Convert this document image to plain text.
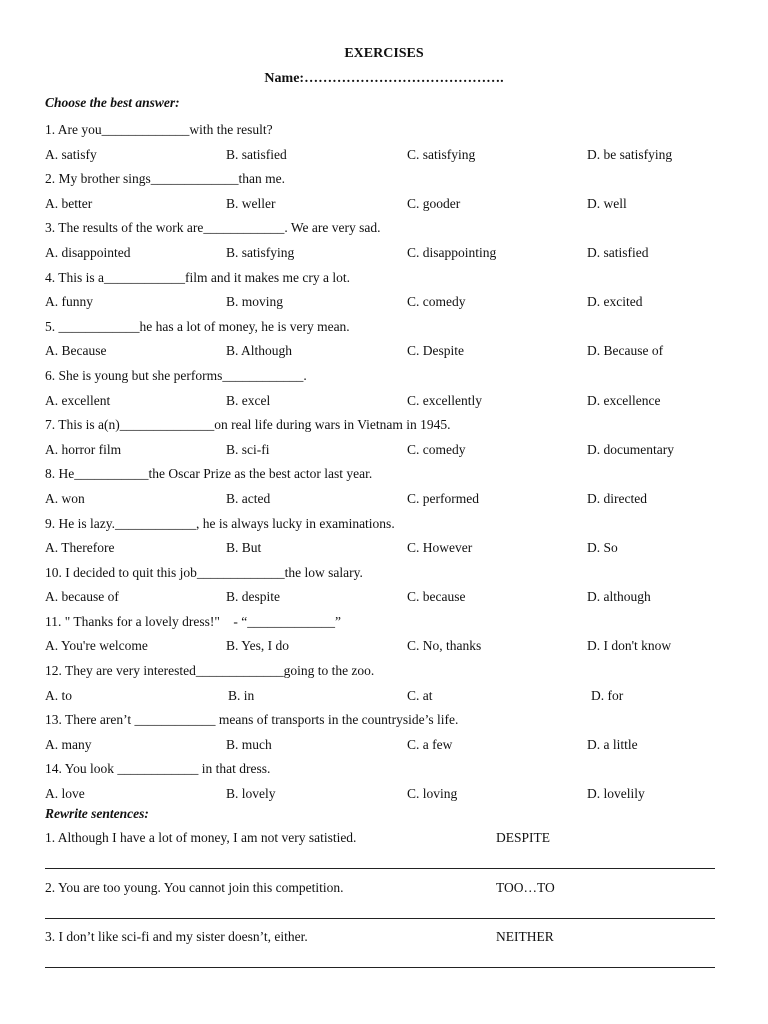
EXERCISES
Name:…………………………………….
Choose the best answer:
1. Are you_____________with the result?
A. satisfy	B. satisfied	C. satisfying	D. be satisfying
2. My brother sings_____________than me.
A. better	B. weller	C. gooder	D. well
3. The results of the work are____________. We are very sad.
A. disappointed	B. satisfying	C. disappointing	D. satisfied
4. This is a____________film and it makes me cry a lot.
A. funny	B. moving	C. comedy	D. excited
5. ____________he has a lot of money, he is very mean.
A. Because	B. Although	C. Despite	D. Because of
6. She is young but she performs____________.
A. excellent	B. excel	C. excellently	D. excellence
7. This is a(n)______________on real life during wars in Vietnam in 1945.
A. horror film	B. sci-fi	C. comedy	D. documentary
8. He___________the Oscar Prize as the best actor last year.
A. won	B. acted	C. performed	D. directed
9. He is lazy.____________, he is always lucky in examinations.
A. Therefore	B. But	C. However	D. So
10. I decided to quit this job_____________the low salary.
A. because of	B. despite	C. because	D. although
11. " Thanks for a lovely dress!"    - “_____________”
A. You're welcome	B. Yes, I do	C. No, thanks	D. I don't know
12. They are very interested_____________going to the zoo.
A. to	B. in	C. at	D. for
13. There aren’t ____________ means of transports in the countryside’s life.
A. many	B. much	C. a few	D. a little
14. You look ____________ in that dress.
A. love	B. lovely	C. loving	D. lovelily
Rewrite sentences:
1. Although I have a lot of money, I am not very satistied.	DESPITE
2. You are too young. You cannot join this competition.	TOO…TO
3. I don’t like sci-fi and my sister doesn’t, either.	NEITHER
